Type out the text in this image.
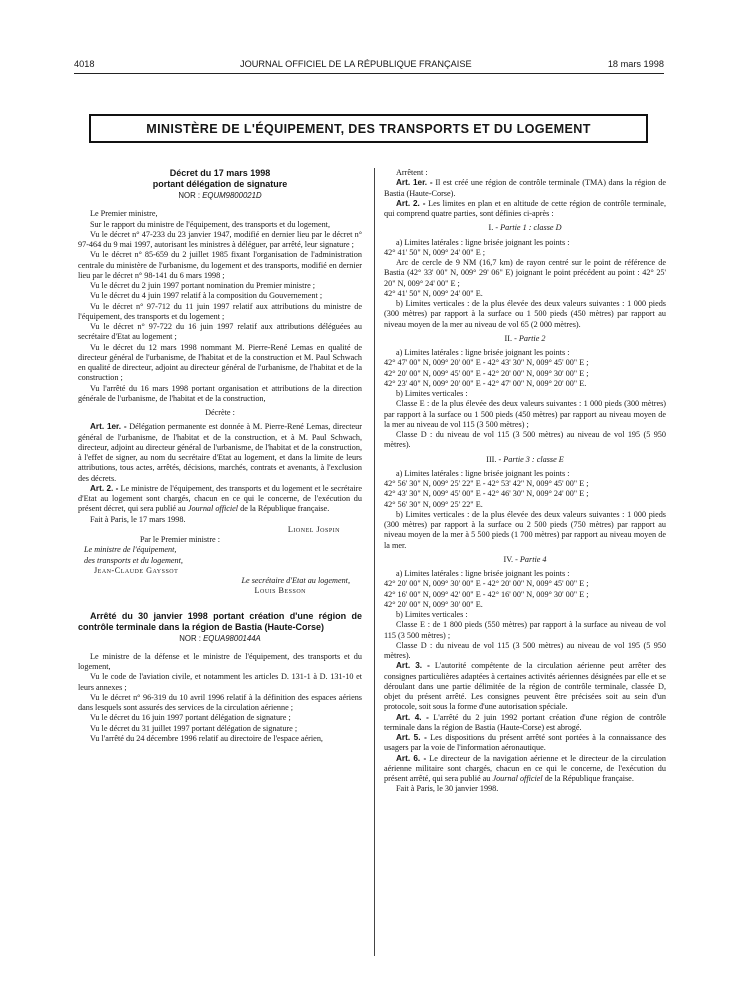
4018	JOURNAL OFFICIEL DE LA RÉPUBLIQUE FRANÇAISE	18 mars 1998
MINISTÈRE DE L'ÉQUIPEMENT, DES TRANSPORTS ET DU LOGEMENT

Décret du 17 mars 1998
portant délégation de signature

NOR : EQUM9800021D

Le Premier ministre,

Sur le rapport du ministre de l'équipement, des transports et du logement,

Vu le décret n° 47-233 du 23 janvier 1947, modifié en dernier lieu par le décret n° 97-464 du 9 mai 1997, autorisant les ministres à déléguer, par arrêté, leur signature ;

Vu le décret n° 85-659 du 2 juillet 1985 fixant l'organisation de l'administration centrale du ministère de l'urbanisme, du logement et des transports, modifié en dernier lieu par le décret n° 98-141 du 6 mars 1998 ;

Vu le décret du 2 juin 1997 portant nomination du Premier ministre ;

Vu le décret du 4 juin 1997 relatif à la composition du Gouvernement ;

Vu le décret n° 97-712 du 11 juin 1997 relatif aux attributions du ministre de l'équipement, des transports et du logement ;

Vu le décret n° 97-722 du 16 juin 1997 relatif aux attributions déléguées au secrétaire d'Etat au logement ;

Vu le décret du 12 mars 1998 nommant M. Pierre-René Lemas en qualité de directeur général de l'urbanisme, de l'habitat et de la construction et M. Paul Schwach en qualité de directeur, adjoint au directeur général de l'urbanisme, de l'habitat et de la construction ;

Vu l'arrêté du 16 mars 1998 portant organisation et attributions de la direction générale de l'urbanisme, de l'habitat et de la construction,

Décrète :

Art. 1er. - Délégation permanente est donnée à M. Pierre-René Lemas, directeur général de l'urbanisme, de l'habitat et de la construction, et à M. Paul Schwach, directeur, adjoint au directeur général de l'urbanisme, de l'habitat et de la construction, à l'effet de signer, au nom du secrétaire d'Etat au logement, et dans la limite de leurs attributions, tous actes, arrêtés, décisions, marchés, contrats et avenants, à l'exclusion des décrets.

Art. 2. - Le ministre de l'équipement, des transports et du logement et le secrétaire d'Etat au logement sont chargés, chacun en ce qui le concerne, de l'exécution du présent décret, qui sera publié au Journal officiel de la République française.

Fait à Paris, le 17 mars 1998.

Lionel Jospin

Par le Premier ministre :

Le ministre de l'équipement,

des transports et du logement,

Jean-Claude Gayssot

Le secrétaire d'Etat au logement,

Louis Besson

Arrêté du 30 janvier 1998 portant création d'une région de contrôle terminale dans la région de Bastia (Haute-Corse)

NOR : EQUA9800144A

Le ministre de la défense et le ministre de l'équipement, des transports et du logement,

Vu le code de l'aviation civile, et notamment les articles D. 131-1 à D. 131-10 et leurs annexes ;

Vu le décret n° 96-319 du 10 avril 1996 relatif à la définition des espaces aériens dans lesquels sont assurés des services de la circulation aérienne ;

Vu le décret du 16 juin 1997 portant délégation de signature ;

Vu le décret du 31 juillet 1997 portant délégation de signature ;

Vu l'arrêté du 24 décembre 1996 relatif au directoire de l'espace aérien,

Arrêtent :

Art. 1er. - Il est créé une région de contrôle terminale (TMA) dans la région de Bastia (Haute-Corse).

Art. 2. - Les limites en plan et en altitude de cette région de contrôle terminale, qui comprend quatre parties, sont définies ci-après :

I. - Partie 1 : classe D

a) Limites latérales : ligne brisée joignant les points :

42° 41' 50" N, 009° 24' 00" E ;

Arc de cercle de 9 NM (16,7 km) de rayon centré sur le point de référence de Bastia (42° 33' 00" N, 009° 29' 06" E) joignant le point précédent au point : 42° 25' 20" N, 009° 24' 00" E ;

42° 41' 50" N, 009° 24' 00" E.

b) Limites verticales : de la plus élevée des deux valeurs suivantes : 1 000 pieds (300 mètres) par rapport à la surface ou 1 500 pieds (450 mètres) par rapport au niveau moyen de la mer au niveau de vol 65 (2 000 mètres).

II. - Partie 2

a) Limites latérales : ligne brisée joignant les points :

42° 47' 00" N, 009° 20' 00" E - 42° 43' 30" N, 009° 45' 00" E ;

42° 20' 00" N, 009° 45' 00" E - 42° 20' 00" N, 009° 30' 00" E ;

42° 23' 40" N, 009° 20' 00" E - 42° 47' 00" N, 009° 20' 00" E.

b) Limites verticales :

Classe E : de la plus élevée des deux valeurs suivantes : 1 000 pieds (300 mètres) par rapport à la surface ou 1 500 pieds (450 mètres) par rapport au niveau moyen de la mer au niveau de vol 115 (3 500 mètres) ;

Classe D : du niveau de vol 115 (3 500 mètres) au niveau de vol 195 (5 950 mètres).

III. - Partie 3 : classe E

a) Limites latérales : ligne brisée joignant les points :

42° 56' 30" N, 009° 25' 22" E - 42° 53' 42" N, 009° 45' 00" E ;

42° 43' 30" N, 009° 45' 00" E - 42° 46' 30" N, 009° 24' 00" E ;

42° 56' 30" N, 009° 25' 22" E.

b) Limites verticales : de la plus élevée des deux valeurs suivantes : 1 000 pieds (300 mètres) par rapport à la surface ou 2 500 pieds (750 mètres) par rapport au niveau moyen de la mer à 5 500 pieds (1 700 mètres) par rapport au niveau moyen de la mer.

IV. - Partie 4

a) Limites latérales : ligne brisée joignant les points :

42° 20' 00" N, 009° 30' 00" E - 42° 20' 00" N, 009° 45' 00" E ;

42° 16' 00" N, 009° 42' 00" E - 42° 16' 00" N, 009° 30' 00" E ;

42° 20' 00" N, 009° 30' 00" E.

b) Limites verticales :

Classe E : de 1 800 pieds (550 mètres) par rapport à la surface au niveau de vol 115 (3 500 mètres) ;

Classe D : du niveau de vol 115 (3 500 mètres) au niveau de vol 195 (5 950 mètres).

Art. 3. - L'autorité compétente de la circulation aérienne peut arrêter des consignes particulières adaptées à certaines activités aériennes désignées par elle et se déroulant dans une partie délimitée de la région de contrôle terminale, classée D, objet du présent arrêté. Les consignes peuvent être précisées soit au sein d'un protocole, soit sous la forme d'une autorisation spéciale.

Art. 4. - L'arrêté du 2 juin 1992 portant création d'une région de contrôle terminale dans la région de Bastia (Haute-Corse) est abrogé.

Art. 5. - Les dispositions du présent arrêté sont portées à la connaissance des usagers par la voie de l'information aéronautique.

Art. 6. - Le directeur de la navigation aérienne et le directeur de la circulation aérienne militaire sont chargés, chacun en ce qui le concerne, de l'exécution du présent arrêté, qui sera publié au Journal officiel de la République française.

Fait à Paris, le 30 janvier 1998.
